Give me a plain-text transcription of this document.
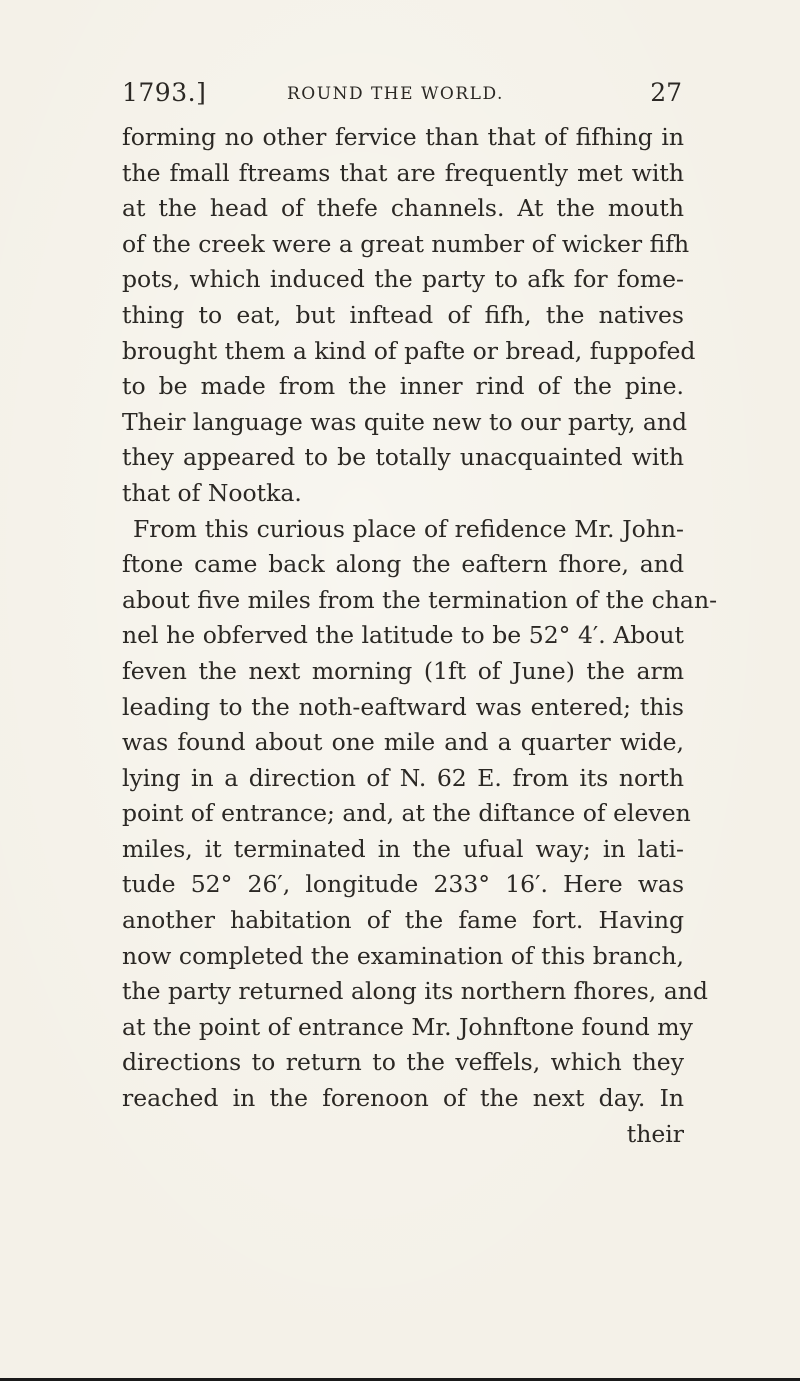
1793.]	ROUND THE WORLD.	27
forming no other fervice than that of fifhing in
the fmall ftreams that are frequently met with
at the head of thefe channels. At the mouth
of the creek were a great number of wicker fifh
pots, which induced the party to afk for fome-
thing to eat, but inftead of fifh, the natives
brought them a kind of pafte or bread, fuppofed
to be made from the inner rind of the pine.
Their language was quite new to our party, and
they appeared to be totally unacquainted with
that of Nootka.
From this curious place of refidence Mr. John-
ftone came back along the eaftern fhore, and
about five miles from the termination of the chan-
nel he obferved the latitude to be 52° 4′. About
feven the next morning (1ft of June) the arm
leading to the noth-eaftward was entered; this
was found about one mile and a quarter wide,
lying in a direction of N. 62 E. from its north
point of entrance; and, at the diftance of eleven
miles, it terminated in the ufual way; in lati-
tude 52° 26′, longitude 233° 16′. Here was
another habitation of the fame fort. Having
now completed the examination of this branch,
the party returned along its northern fhores, and
at the point of entrance Mr. Johnftone found my
directions to return to the veffels, which they
reached in the forenoon of the next day. In
their
